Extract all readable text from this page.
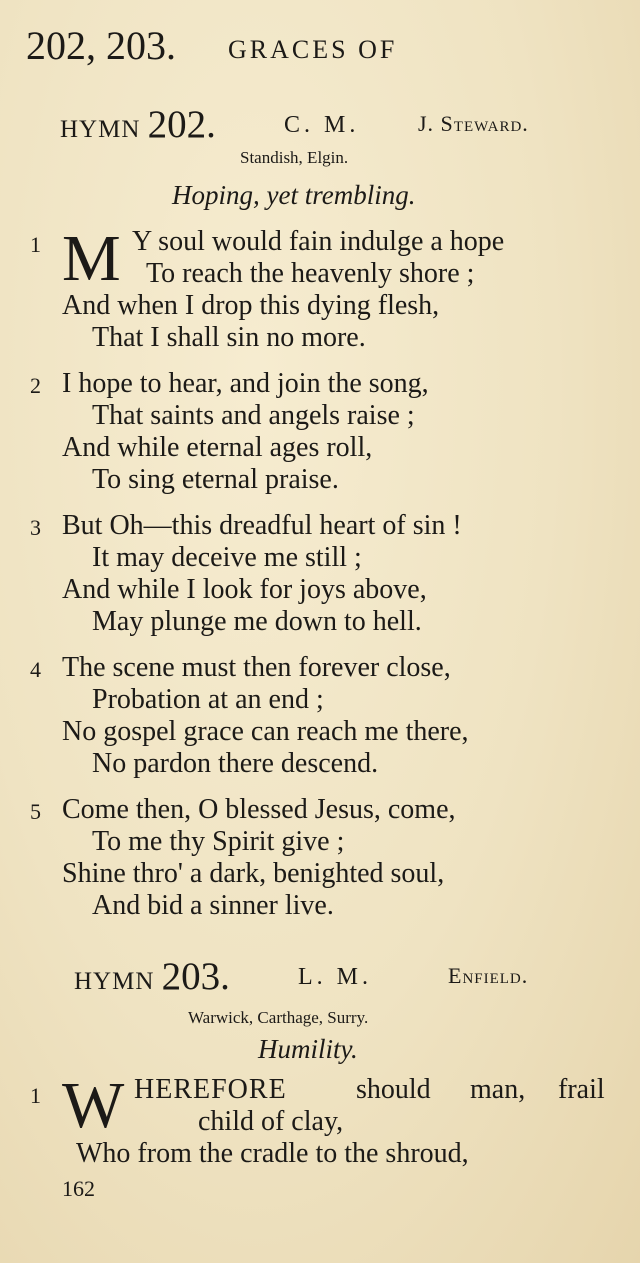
202, 203. GRACES OF
HYMN 202.	C. M.	J. Steward.
Standish, Elgin.
Hoping, yet trembling.
1 M Y soul would fain indulge a hope
To reach the heavenly shore ;
And when I drop this dying flesh,
That I shall sin no more.
2 I hope to hear, and join the song,
That saints and angels raise ;
And while eternal ages roll,
To sing eternal praise.
3 But Oh—this dreadful heart of sin !
It may deceive me still ;
And while I look for joys above,
May plunge me down to hell.
4 The scene must then forever close,
Probation at an end ;
No gospel grace can reach me there,
No pardon there descend.
5 Come then, O blessed Jesus, come,
To me thy Spirit give ;
Shine thro' a dark, benighted soul,
And bid a sinner live.
HYMN 203.	L. M.	Enfield.
Warwick, Carthage, Surry.
Humility.
1 W HEREFORE should man, frail
child of clay,
Who from the cradle to the shroud,
162
